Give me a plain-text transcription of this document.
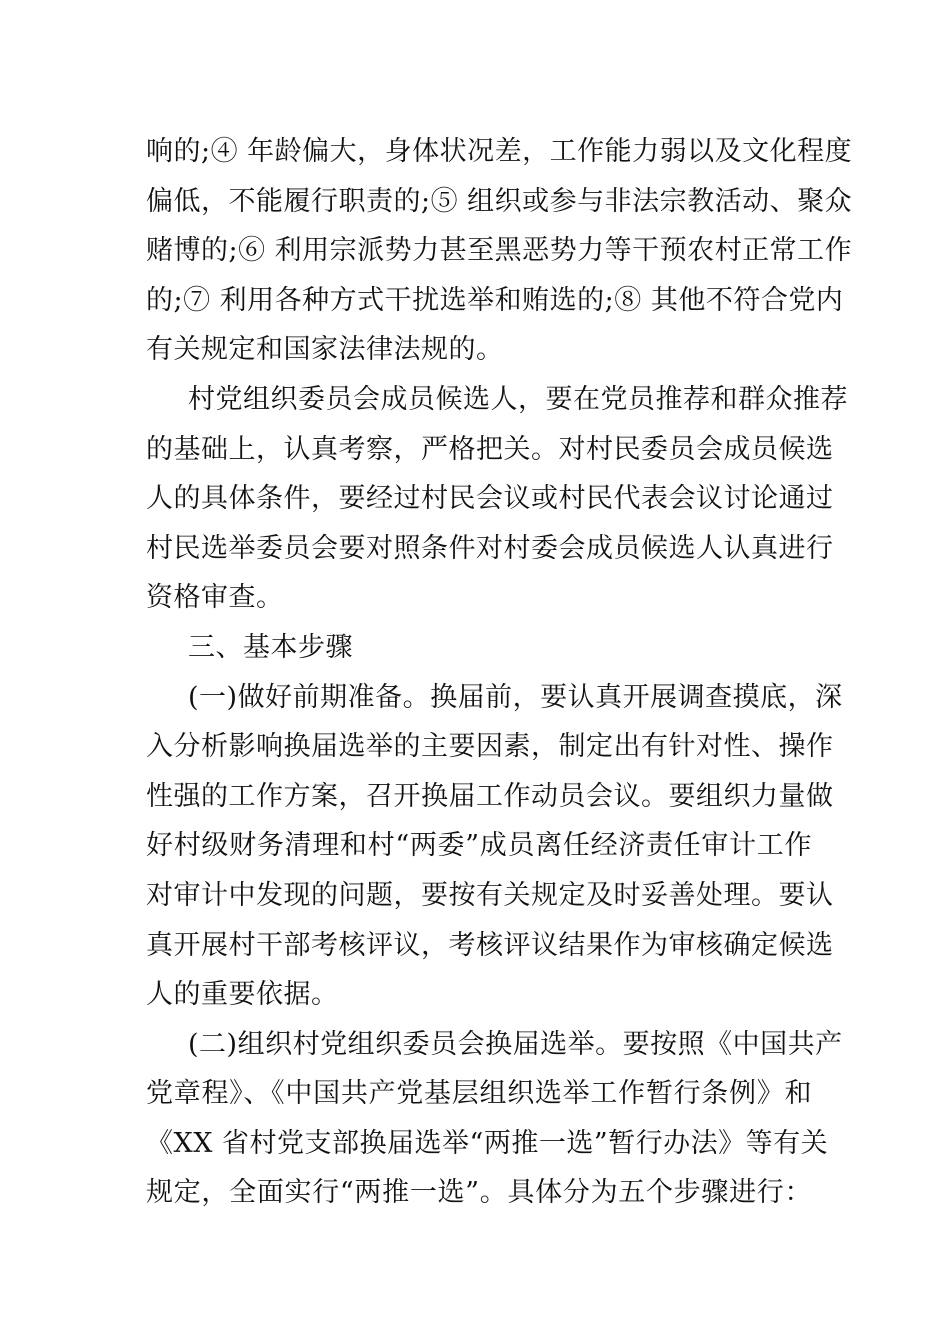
响的;④ 年龄偏大，身体状况差，工作能力弱以及文化程度
偏低，不能履行职责的;⑤ 组织或参与非法宗教活动、聚众
赌博的;⑥ 利用宗派势力甚至黑恶势力等干预农村正常工作
的;⑦ 利用各种方式干扰选举和贿选的;⑧ 其他不符合党内
有关规定和国家法律法规的。
村党组织委员会成员候选人，要在党员推荐和群众推荐
的基础上，认真考察，严格把关。对村民委员会成员候选
人的具体条件，要经过村民会议或村民代表会议讨论通过
村民选举委员会要对照条件对村委会成员候选人认真进行
资格审查。
三、基本步骤
(一)做好前期准备。换届前，要认真开展调查摸底，深
入分析影响换届选举的主要因素，制定出有针对性、操作
性强的工作方案，召开换届工作动员会议。要组织力量做
好村级财务清理和村“两委”成员离任经济责任审计工作
对审计中发现的问题，要按有关规定及时妥善处理。要认
真开展村干部考核评议，考核评议结果作为审核确定候选
人的重要依据。
(二)组织村党组织委员会换届选举。要按照《中国共产
党章程》、《中国共产党基层组织选举工作暂行条例》和
《XX 省村党支部换届选举“两推一选”暂行办法》等有关
规定，全面实行“两推一选”。具体分为五个步骤进行：
